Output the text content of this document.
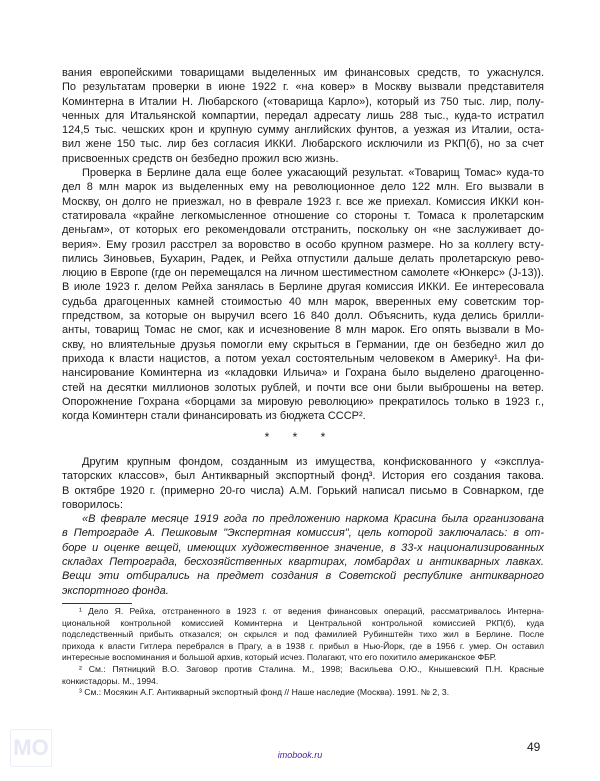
вания европейскими товарищами выделенных им финансовых средств, то ужаснулся.
По результатам проверки в июне 1922 г. «на ковер» в Москву вызвали представителя
Коминтерна в Италии Н. Любарского («товарища Карло»), который из 750 тыс. лир, полу-
ченных для Итальянской компартии, передал адресату лишь 288 тыс., куда-то истратил
124,5 тыс. чешских крон и крупную сумму английских фунтов, а уезжая из Италии, оста-
вил жене 150 тыс. лир без согласия ИККИ. Любарского исключили из РКП(б), но за счет
присвоенных средств он безбедно прожил всю жизнь.
Проверка в Берлине дала еще более ужасающий результат. «Товарищ Томас» куда-то
дел 8 млн марок из выделенных ему на революционное дело 122 млн. Его вызвали в
Москву, он долго не приезжал, но в феврале 1923 г. все же приехал. Комиссия ИККИ кон-
статировала «крайне легкомысленное отношение со стороны т. Томаса к пролетарским
деньгам», от которых его рекомендовали отстранить, поскольку он «не заслуживает до-
верия». Ему грозил расстрел за воровство в особо крупном размере. Но за коллегу всту-
пились Зиновьев, Бухарин, Радек, и Рейха отпустили дальше делать пролетарскую рево-
люцию в Европе (где он перемещался на личном шестиместном самолете «Юнкерс» (J-13)).
В июле 1923 г. делом Рейха занялась в Берлине другая комиссия ИККИ. Ее интересовала
судьба драгоценных камней стоимостью 40 млн марок, вверенных ему советским тор-
гпредством, за которые он выручил всего 16 840 долл. Объяснить, куда делись брилли-
анты, товарищ Томас не смог, как и исчезновение 8 млн марок. Его опять вызвали в Мо-
скву, но влиятельные друзья помогли ему скрыться в Германии, где он безбедно жил до
прихода к власти нацистов, а потом уехал состоятельным человеком в Америку¹. На фи-
нансирование Коминтерна из «кладовки Ильича» и Гохрана было выделено драгоценно-
стей на десятки миллионов золотых рублей, и почти все они были выброшены на ветер.
Опорожнение Гохрана «борцами за мировую революцию» прекратилось только в 1923 г.,
когда Коминтерн стали финансировать из бюджета СССР².
* * *
Другим крупным фондом, созданным из имущества, конфискованного у «эксплуа-
таторских классов», был Антикварный экспортный фонд³. История его создания такова.
В октябре 1920 г. (примерно 20-го числа) А.М. Горький написал письмо в Совнарком, где
говорилось:
«В феврале месяце 1919 года по предложению наркома Красина была организована
в Петрограде А. Пешковым "Экспертная комиссия", цель которой заключалась: в от-
боре и оценке вещей, имеющих художественное значение, в 33-х национализированных
складах Петрограда, бесхозяйственных квартирах, ломбардах и антикварных лавках.
Вещи эти отбирались на предмет создания в Советской республике антикварного
экспортного фонда.
¹ Дело Я. Рейха, отстраненного в 1923 г. от ведения финансовых операций, рассматривалось Интерна-
циональной контрольной комиссией Коминтерна и Центральной контрольной комиссией РКП(б), куда
подследственный прибыть отказался; он скрылся и под фамилией Рубинштейн тихо жил в Берлине. После
прихода к власти Гитлера перебрался в Прагу, а в 1938 г. прибыл в Нью-Йорк, где в 1956 г. умер. Он оставил
интересные воспоминания и большой архив, который исчез. Полагают, что его похитило американское ФБР.
² См.: Пятницкий В.О. Заговор против Сталина. М., 1998; Васильева О.Ю., Кнышевский П.Н. Красные
конкистадоры. М., 1994.
³ См.: Мосякин А.Г. Антикварный экспортный фонд // Наше наследие (Москва). 1991. № 2, 3.
49
MO	imobook.ru
